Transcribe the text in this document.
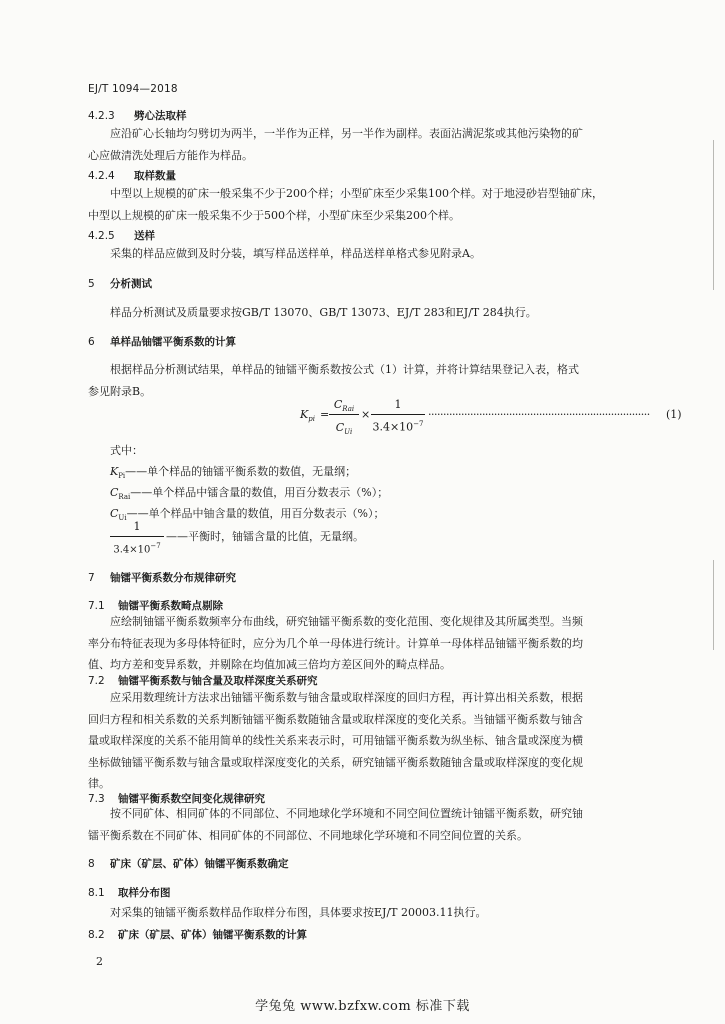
EJ/T 1094—2018
4.2.3 劈心法取样
应沿矿心长轴均匀劈切为两半，一半作为正样，另一半作为副样。表面沾满泥浆或其他污染物的矿
心应做清洗处理后方能作为样品。
4.2.4 取样数量
中型以上规模的矿床一般采集不少于200个样；小型矿床至少采集100个样。对于地浸砂岩型铀矿床，
中型以上规模的矿床一般采集不少于500个样，小型矿床至少采集200个样。
4.2.5 送样
采集的样品应做到及时分装，填写样品送样单，样品送样单格式参见附录A。
5 分析测试
样品分析测试及质量要求按GB/T 13070、GB/T 13073、EJ/T 283和EJ/T 284执行。
6 单样品铀镭平衡系数的计算
根据样品分析测试结果，单样品的铀镭平衡系数按公式（1）计算，并将计算结果登记入表，格式
参见附录B。
$K_{pi}$ =
$C_{Rai}$
$C_{Ui}$
×
1
$3.4\times 10^{-7}$
··········································································	(1)
式中：
$K_{Pi}——$单个样品的铀镭平衡系数的数值，无量纲；
$C_{Rai}——$单个样品中镭含量的数值，用百分数表示（%）；
$C_{Ui}——$单个样品中铀含量的数值，用百分数表示（%）；
1
$3.4\times 10^{-7}$
——平衡时，铀镭含量的比值，无量纲。
7 铀镭平衡系数分布规律研究
7.1 铀镭平衡系数畸点剔除
应绘制铀镭平衡系数频率分布曲线，研究铀镭平衡系数的变化范围、变化规律及其所属类型。当频
率分布特征表现为多母体特征时，应分为几个单一母体进行统计。计算单一母体样品铀镭平衡系数的均
值、均方差和变异系数，并剔除在均值加减三倍均方差区间外的畸点样品。
7.2 铀镭平衡系数与铀含量及取样深度关系研究
应采用数理统计方法求出铀镭平衡系数与铀含量或取样深度的回归方程，再计算出相关系数，根据
回归方程和相关系数的关系判断铀镭平衡系数随铀含量或取样深度的变化关系。当铀镭平衡系数与铀含
量或取样深度的关系不能用简单的线性关系来表示时，可用铀镭平衡系数为纵坐标、铀含量或深度为横
坐标做铀镭平衡系数与铀含量或取样深度变化的关系，研究铀镭平衡系数随铀含量或取样深度的变化规
律。
7.3 铀镭平衡系数空间变化规律研究
按不同矿体、相同矿体的不同部位、不同地球化学环境和不同空间位置统计铀镭平衡系数，研究铀
镭平衡系数在不同矿体、相同矿体的不同部位、不同地球化学环境和不同空间位置的关系。
8 矿床（矿层、矿体）铀镭平衡系数确定
8.1 取样分布图
对采集的铀镭平衡系数样品作取样分布图，具体要求按EJ/T 20003.11执行。
8.2 矿床（矿层、矿体）铀镭平衡系数的计算
2
学兔兔 www.bzfxw.com 标准下载
